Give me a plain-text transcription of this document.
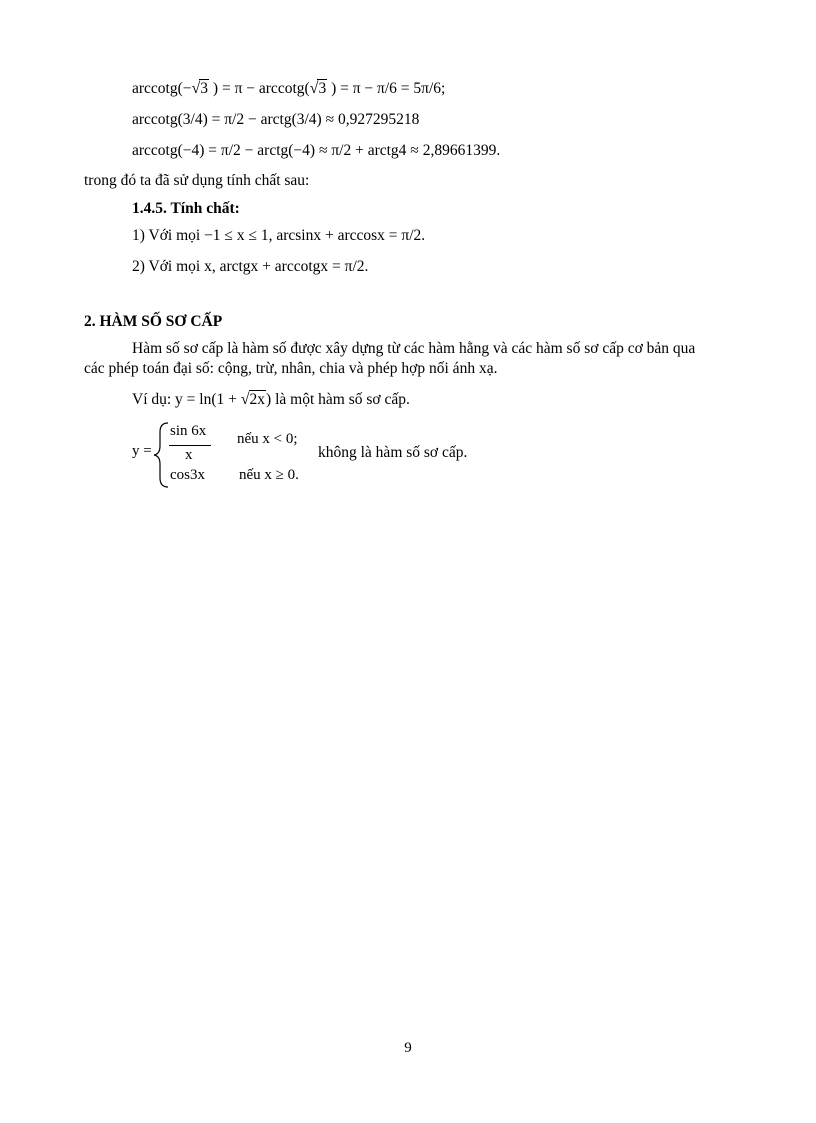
arccotg(−√3 ) = π − arccotg(√3 ) = π − π/6 = 5π/6;
arccotg(3/4) = π/2 − arctg(3/4) ≈ 0,927295218
arccotg(−4) = π/2 − arctg(−4) ≈ π/2 + arctg4 ≈ 2,89661399.
trong đó ta đã sử dụng tính chất sau:
1.4.5. Tính chất:
1) Với mọi −1 ≤ x ≤ 1, arcsinx + arccosx = π/2.
2) Với mọi x, arctgx + arccotgx = π/2.
2. HÀM SỐ SƠ CẤP
Hàm số sơ cấp là hàm số được xây dựng từ các hàm hằng và các hàm số sơ cấp cơ bản qua
các phép toán đại số: cộng, trừ, nhân, chia và phép hợp nối ánh xạ.
Ví dụ: y = ln(1 + √2x) là một hàm số sơ cấp.
y =
sin 6x
x
nếu x < 0;
cos3x nếu x ≥ 0.
không là hàm số sơ cấp.
9
